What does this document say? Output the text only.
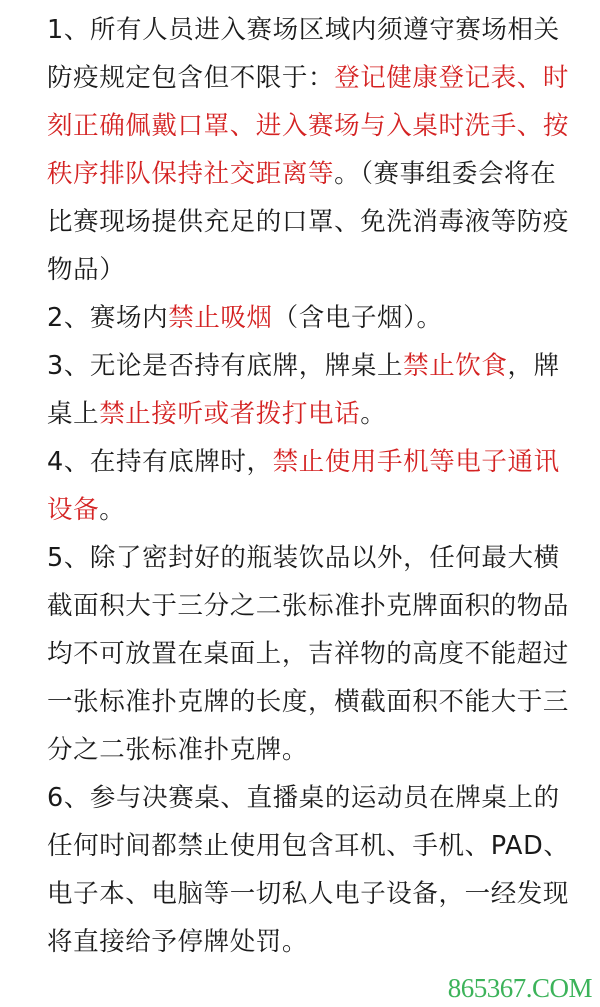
1、所有人员进入赛场区域内须遵守赛场相关
防疫规定包含但不限于：登记健康登记表、时
刻正确佩戴口罩、进入赛场与入桌时洗手、按
秩序排队保持社交距离等。（赛事组委会将在
比赛现场提供充足的口罩、免洗消毒液等防疫
物品）
2、赛场内禁止吸烟（含电子烟）。
3、无论是否持有底牌，牌桌上禁止饮食，牌
桌上禁止接听或者拨打电话。
4、在持有底牌时，禁止使用手机等电子通讯
设备。
5、除了密封好的瓶装饮品以外，任何最大横
截面积大于三分之二张标准扑克牌面积的物品
均不可放置在桌面上，吉祥物的高度不能超过
一张标准扑克牌的长度，横截面积不能大于三
分之二张标准扑克牌。
6、参与决赛桌、直播桌的运动员在牌桌上的
任何时间都禁止使用包含耳机、手机、PAD、
电子本、电脑等一切私人电子设备，一经发现
将直接给予停牌处罚。
865367.COM
